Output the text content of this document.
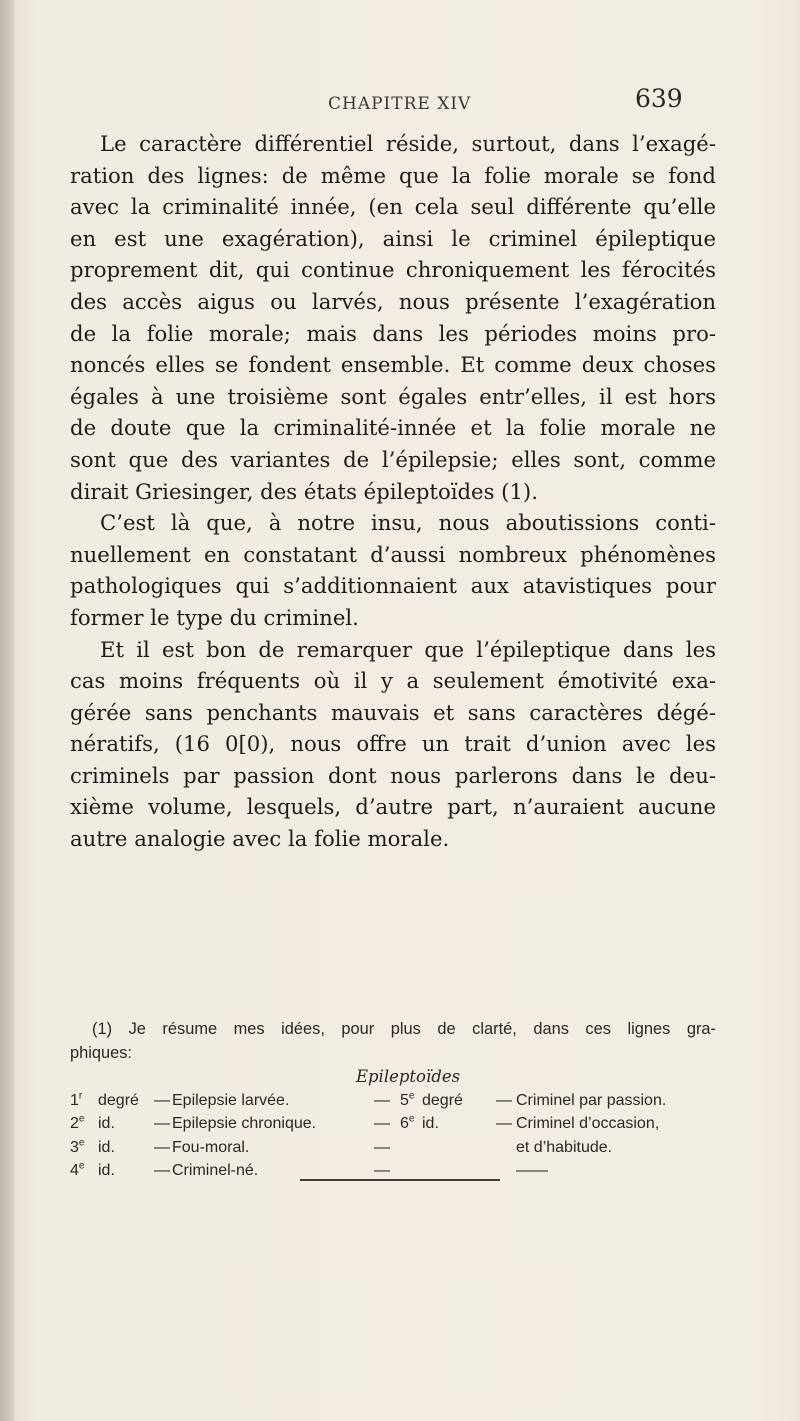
CHAPITRE XIV	639

Le caractère différentiel réside, surtout, dans l’exagé-
ration des lignes: de même que la folie morale se fond
avec la criminalité innée, (en cela seul différente qu’elle
en est une exagération), ainsi le criminel épileptique
proprement dit, qui continue chroniquement les férocités
des accès aigus ou larvés, nous présente l’exagération
de la folie morale; mais dans les périodes moins pro-
noncés elles se fondent ensemble. Et comme deux choses
égales à une troisième sont égales entr’elles, il est hors
de doute que la criminalité-innée et la folie morale ne
sont que des variantes de l’épilepsie; elles sont, comme
dirait Griesinger, des états épileptoïdes (1).

C’est là que, à notre insu, nous aboutissions conti-
nuellement en constatant d’aussi nombreux phénomènes
pathologiques qui s’additionnaient aux atavistiques pour
former le type du criminel.

Et il est bon de remarquer que l’épileptique dans les
cas moins fréquents où il y a seulement émotivité exa-
gérée sans penchants mauvais et sans caractères dégé-
nératifs, (16 0[0), nous offre un trait d’union avec les
criminels par passion dont nous parlerons dans le deu-
xième volume, lesquels, d’autre part, n’auraient aucune
autre analogie avec la folie morale.

(1) Je résume mes idées, pour plus de clarté, dans ces lignes gra-
phiques:
Epileptoïdes
1$^r$	degré	—	Epilepsie larvée.	—	5e	degré	—	Criminel par passion.
2e	id.	—	Epilepsie chronique.	—	6e	id.	—	Criminel d’occasion,
3e	id.	—	Fou-moral.	—				et d’habitude.
4e	id.	—	Criminel-né.	—				——
